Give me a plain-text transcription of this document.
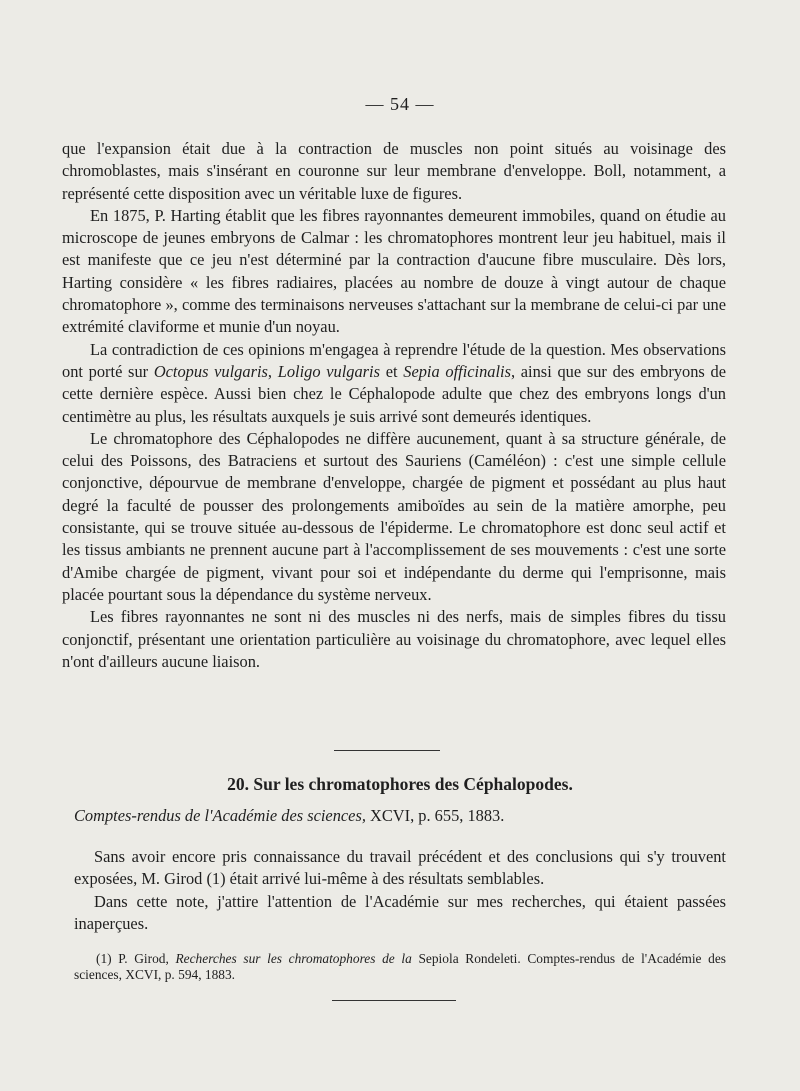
— 54 —

que l'expansion était due à la contraction de muscles non point situés au voisinage des chromoblastes, mais s'insérant en couronne sur leur membrane d'enveloppe. Boll, notamment, a représenté cette disposition avec un véritable luxe de figures.

En 1875, P. Harting établit que les fibres rayonnantes demeurent immobiles, quand on étudie au microscope de jeunes embryons de Calmar : les chromatophores montrent leur jeu habituel, mais il est manifeste que ce jeu n'est déterminé par la contraction d'aucune fibre musculaire. Dès lors, Harting considère « les fibres radiaires, placées au nombre de douze à vingt autour de chaque chromatophore », comme des terminaisons nerveuses s'attachant sur la membrane de celui-ci par une extrémité claviforme et munie d'un noyau.

La contradiction de ces opinions m'engagea à reprendre l'étude de la question. Mes observations ont porté sur Octopus vulgaris, Loligo vulgaris et Sepia officinalis, ainsi que sur des embryons de cette dernière espèce. Aussi bien chez le Céphalopode adulte que chez des embryons longs d'un centimètre au plus, les résultats auxquels je suis arrivé sont demeurés identiques.

Le chromatophore des Céphalopodes ne diffère aucunement, quant à sa structure générale, de celui des Poissons, des Batraciens et surtout des Sauriens (Caméléon) : c'est une simple cellule conjonctive, dépourvue de membrane d'enveloppe, chargée de pigment et possédant au plus haut degré la faculté de pousser des prolongements amiboïdes au sein de la matière amorphe, peu consistante, qui se trouve située au-dessous de l'épiderme. Le chromatophore est donc seul actif et les tissus ambiants ne prennent aucune part à l'accomplissement de ses mouvements : c'est une sorte d'Amibe chargée de pigment, vivant pour soi et indépendante du derme qui l'emprisonne, mais placée pourtant sous la dépendance du système nerveux.

Les fibres rayonnantes ne sont ni des muscles ni des nerfs, mais de simples fibres du tissu conjonctif, présentant une orientation particulière au voisinage du chromatophore, avec lequel elles n'ont d'ailleurs aucune liaison.

20. Sur les chromatophores des Céphalopodes.
Comptes-rendus de l'Académie des sciences, XCVI, p. 655, 1883.

Sans avoir encore pris connaissance du travail précédent et des conclusions qui s'y trouvent exposées, M. Girod (1) était arrivé lui-même à des résultats semblables.

Dans cette note, j'attire l'attention de l'Académie sur mes recherches, qui étaient passées inaperçues.

(1) P. Girod, Recherches sur les chromatophores de la Sepiola Rondeleti. Comptes-rendus de l'Académie des sciences, XCVI, p. 594, 1883.
